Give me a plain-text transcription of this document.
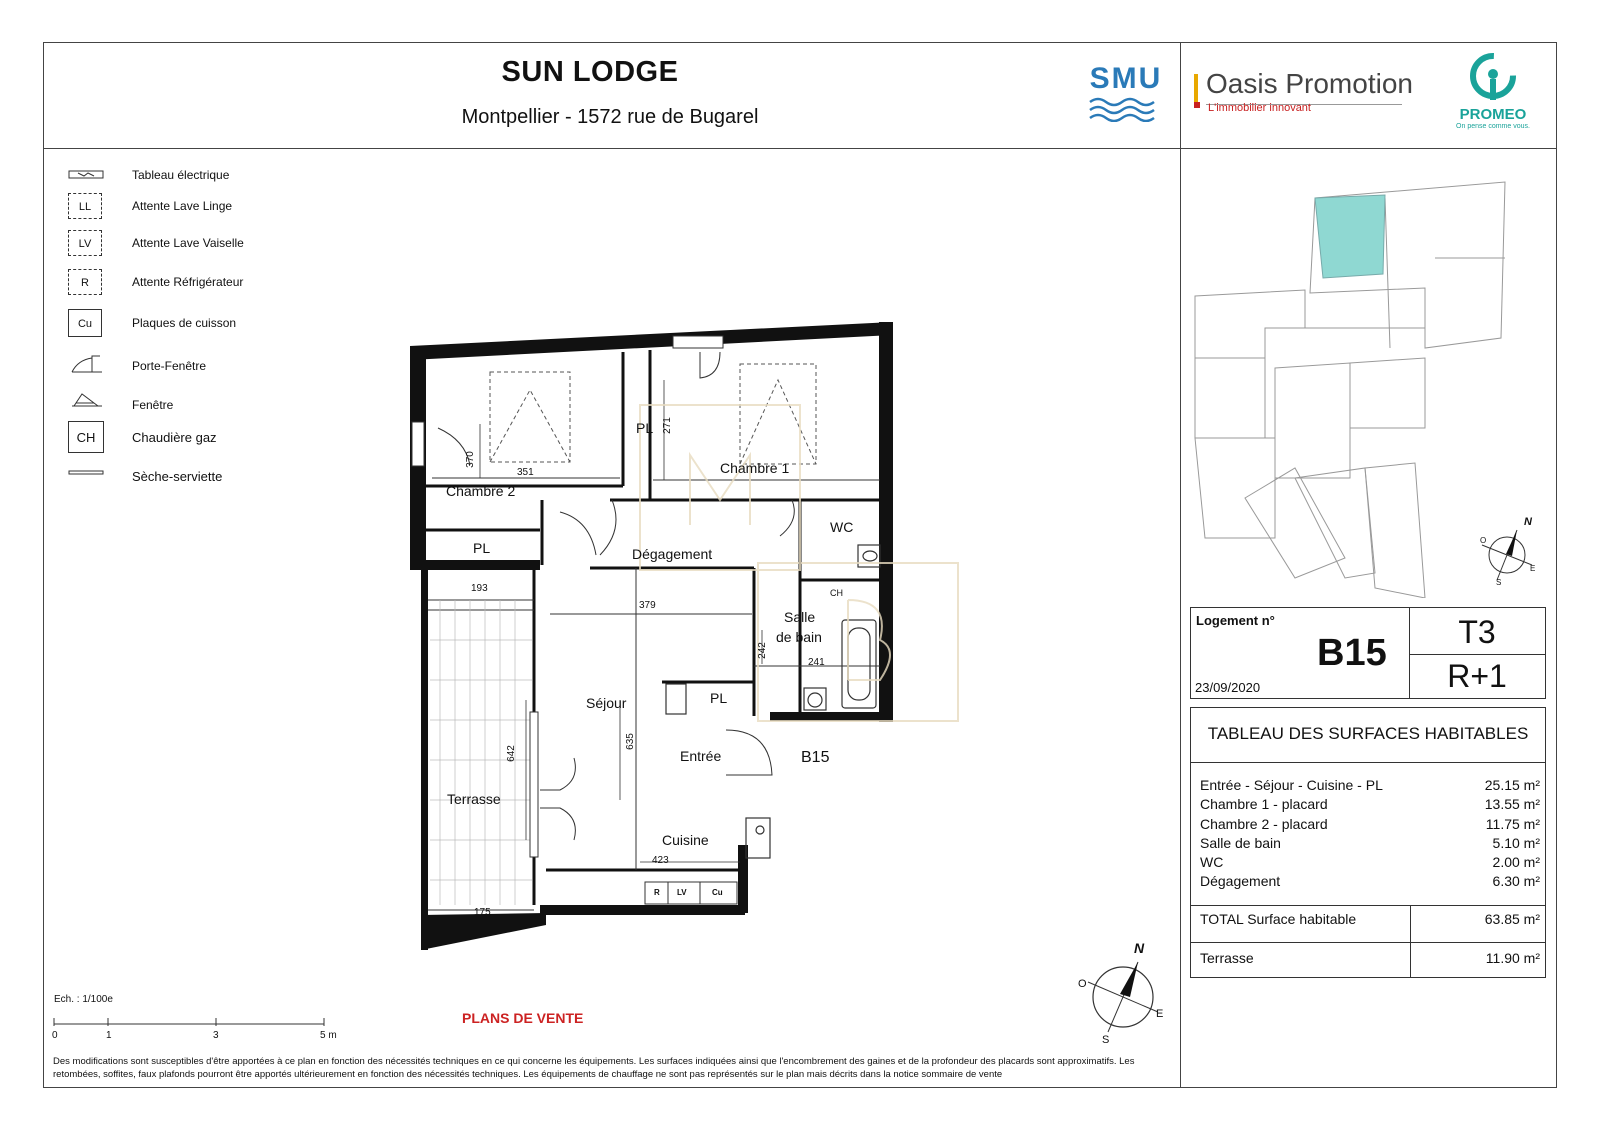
SUN LODGE
Montpellier - 1572 rue de Bugarel
SMU Oasis Promotion
L'immobilier innovant	PROMEO
On pense comme vous.
Tableau électrique
LL	Attente Lave Linge
LV	Attente Lave Vaiselle
R	Attente Réfrigérateur
Cu	Plaques de cuisson
Porte-Fenêtre
Fenêtre
CH	Chaudière gaz
Sèche-serviette
Chambre 2
Chambre 1
Dégagement
WC
Salle
de bain
Séjour
Entrée
Cuisine
Terrasse
PL
PL
PL
B15
CH
R LV	Cu
351
370
271
193
379
242
241
642
635
423
175
Ech. : 1/100e
0	1	3	5 m
PLANS DE VENTE
N
O
E
S
Des modifications sont susceptibles d'être apportées à ce plan en fonction des nécessités techniques en ce qui concerne les équipements. Les surfaces indiquées ainsi que l'encombrement des gaines et de la profondeur des placards sont approximatifs. Les retombées, soffites, faux plafonds pourront être apportés ultérieurement en fonction des nécessités techniques. Les équipements de chauffage ne sont pas représentés sur le plan mais décrits dans la notice sommaire de vente
N
O
E
S
Logement n°
B15
23/09/2020
T3
R+1
TABLEAU DES SURFACES HABITABLES
Entrée - Séjour - Cuisine - PL	25.15 m²
Chambre 1 - placard	13.55 m²
Chambre 2 - placard	11.75 m²
Salle de bain	5.10 m²
WC	2.00 m²
Dégagement	6.30 m²
TOTAL Surface habitable	63.85 m²
Terrasse	11.90 m²
